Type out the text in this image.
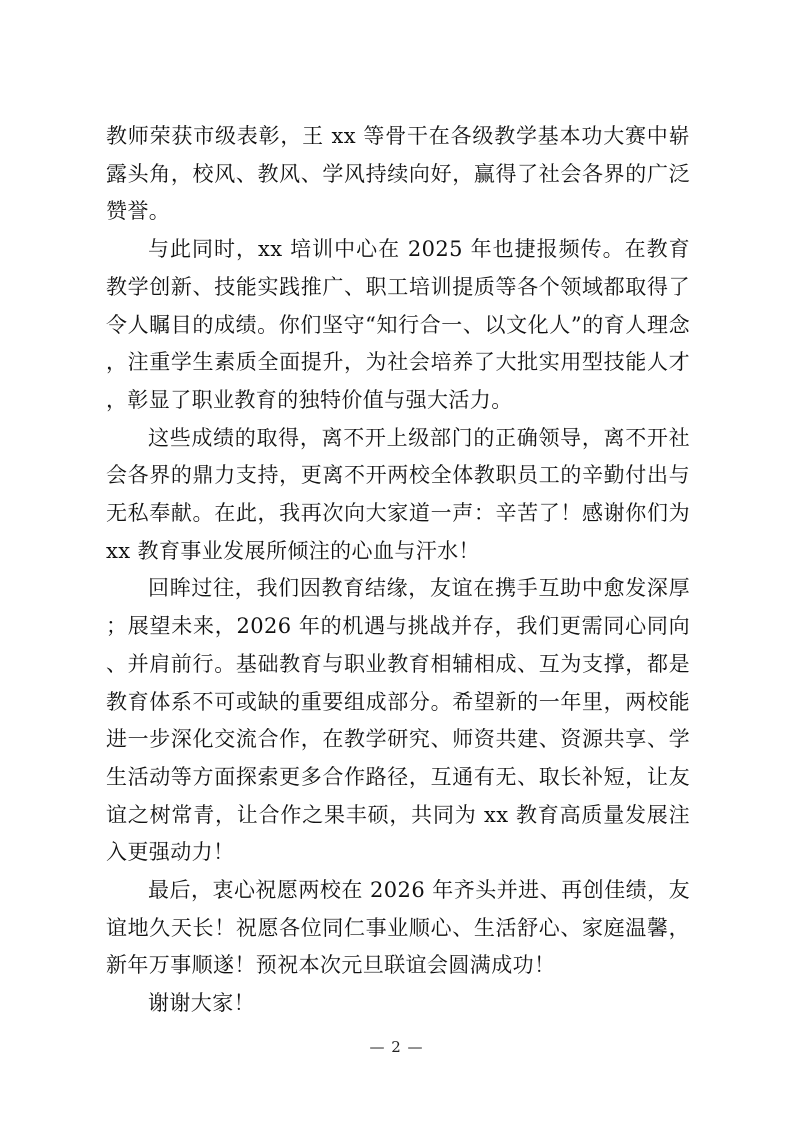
教师荣获市级表彰，王 xx 等骨干在各级教学基本功大赛中崭露头角，校风、教风、学风持续向好，赢得了社会各界的广泛赞誉。

与此同时，xx 培训中心在 2025 年也捷报频传。在教育教学创新、技能实践推广、职工培训提质等各个领域都取得了令人瞩目的成绩。你们坚守“知行合一、以文化人”的育人理念，注重学生素质全面提升，为社会培养了大批实用型技能人才，彰显了职业教育的独特价值与强大活力。

这些成绩的取得，离不开上级部门的正确领导，离不开社会各界的鼎力支持，更离不开两校全体教职员工的辛勤付出与无私奉献。在此，我再次向大家道一声：辛苦了！感谢你们为 xx 教育事业发展所倾注的心血与汗水！

回眸过往，我们因教育结缘，友谊在携手互助中愈发深厚；展望未来，2026 年的机遇与挑战并存，我们更需同心同向、并肩前行。基础教育与职业教育相辅相成、互为支撑，都是教育体系不可或缺的重要组成部分。希望新的一年里，两校能进一步深化交流合作，在教学研究、师资共建、资源共享、学生活动等方面探索更多合作路径，互通有无、取长补短，让友谊之树常青，让合作之果丰硕，共同为 xx 教育高质量发展注入更强动力！

最后，衷心祝愿两校在 2026 年齐头并进、再创佳绩，友谊地久天长！祝愿各位同仁事业顺心、生活舒心、家庭温馨，新年万事顺遂！预祝本次元旦联谊会圆满成功！

谢谢大家！

— 2 —
